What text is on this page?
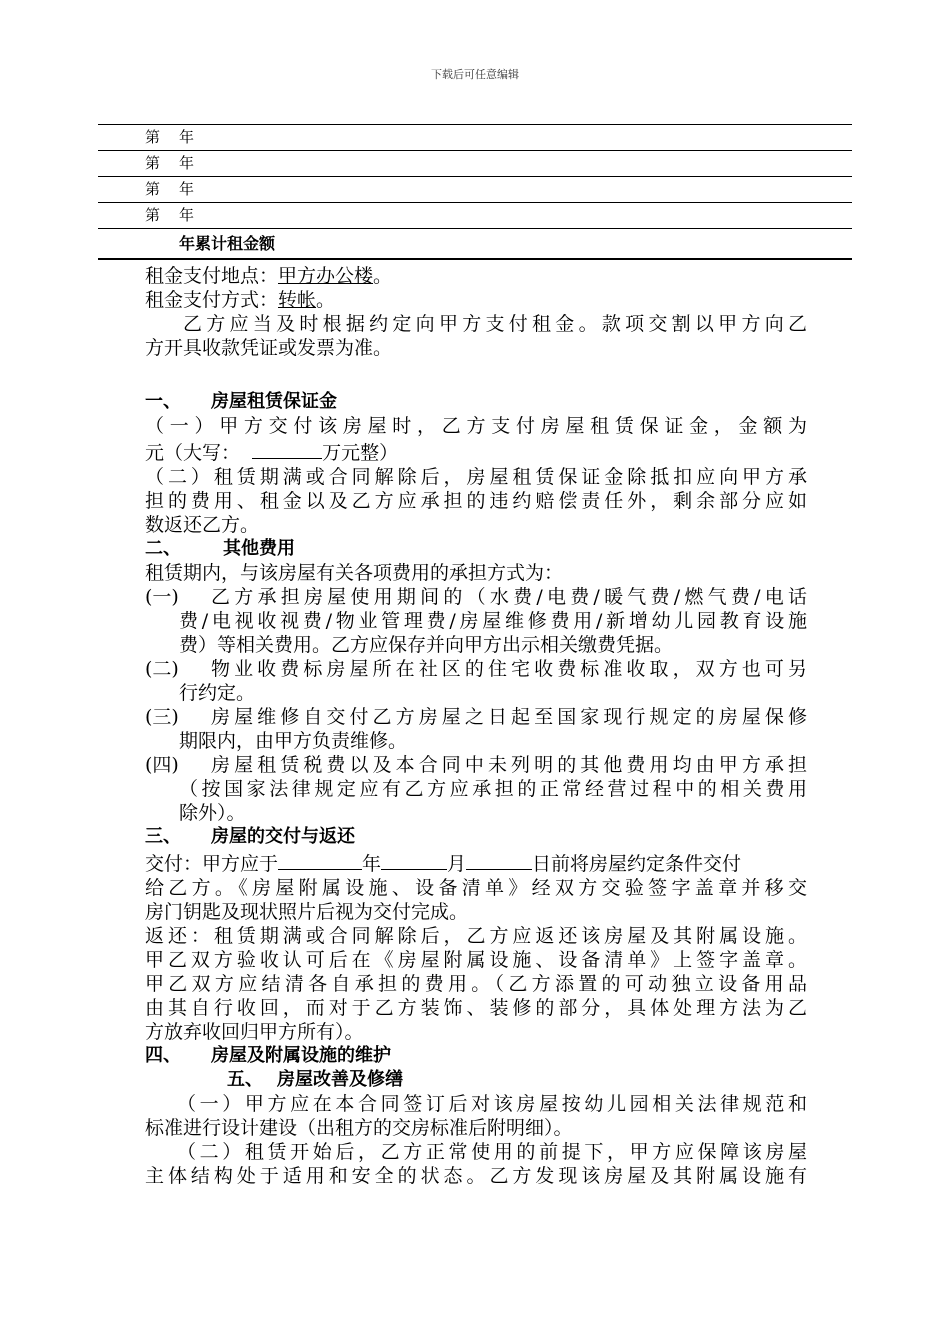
下载后可任意编辑
第 年
第 年
第 年
第 年
年累计租金额
租金支付地点：甲方办公楼。
租金支付方式：转帐。
乙方应当及时根据约定向甲方支付租金。款项交割以甲方向乙
方开具收款凭证或发票为准。
一、 房屋租赁保证金
（一）甲方交付该房屋时，乙方支付房屋租赁保证金，金额为
元（大写：	万元整）
（二）租赁期满或合同解除后，房屋租赁保证金除抵扣应向甲方承
担的费用、租金以及乙方应承担的违约赔偿责任外，剩余部分应如
数返还乙方。
二、 其他费用
租赁期内，与该房屋有关各项费用的承担方式为：
(一)	乙方承担房屋使用期间的（水费/电费/暖气费/燃气费/电话
费/电视收视费/物业管理费/房屋维修费用/新增幼儿园教育设施
费）等相关费用。乙方应保存并向甲方出示相关缴费凭据。
(二)	物业收费标房屋所在社区的住宅收费标准收取，双方也可另
行约定。
(三)	房屋维修自交付乙方房屋之日起至国家现行规定的房屋保修
期限内，由甲方负责维修。
(四)	房屋租赁税费以及本合同中未列明的其他费用均由甲方承担
（按国家法律规定应有乙方应承担的正常经营过程中的相关费用
除外）。
三、 房屋的交付与返还
交付：甲方应于	年	月	日前将房屋约定条件交付
给乙方。《房屋附属设施、设备清单》经双方交验签字盖章并移交
房门钥匙及现状照片后视为交付完成。
返还：租赁期满或合同解除后，乙方应返还该房屋及其附属设施。
甲乙双方验收认可后在《房屋附属设施、设备清单》上签字盖章。
甲乙双方应结清各自承担的费用。（乙方添置的可动独立设备用品
由其自行收回，而对于乙方装饰、装修的部分，具体处理方法为乙
方放弃收回归甲方所有）。
四、 房屋及附属设施的维护
五、 房屋改善及修缮
（一）甲方应在本合同签订后对该房屋按幼儿园相关法律规范和
标准进行设计建设（出租方的交房标准后附明细）。
（二）租赁开始后，乙方正常使用的前提下，甲方应保障该房屋
主体结构处于适用和安全的状态。乙方发现该房屋及其附属设施有
